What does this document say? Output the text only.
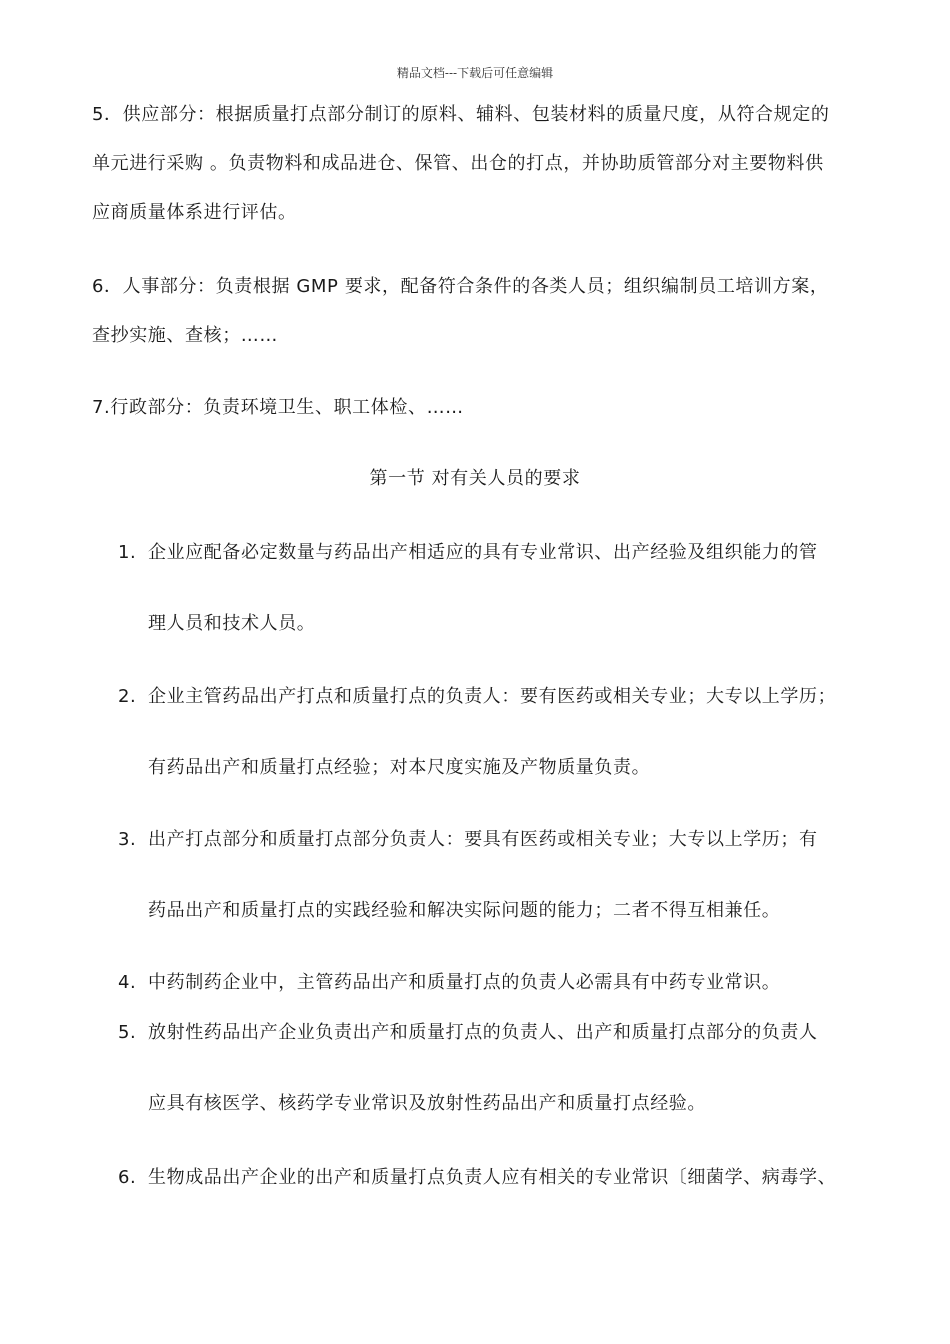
精品文档---下载后可任意编辑
5．供应部分：根据质量打点部分制订的原料、辅料、包装材料的质量尺度，从符合规定的
单元进行采购 。负责物料和成品进仓、保管、出仓的打点，并协助质管部分对主要物料供
应商质量体系进行评估。
6．人事部分：负责根据 GMP 要求，配备符合条件的各类人员；组织编制员工培训方案，
查抄实施、查核；……
7.行政部分：负责环境卫生、职工体检、……
第一节 对有关人员的要求
1. 企业应配备必定数量与药品出产相适应的具有专业常识、出产经验及组织能力的管
理人员和技术人员。
2. 企业主管药品出产打点和质量打点的负责人：要有医药或相关专业；大专以上学历；
有药品出产和质量打点经验；对本尺度实施及产物质量负责。
3. 出产打点部分和质量打点部分负责人：要具有医药或相关专业；大专以上学历；有
药品出产和质量打点的实践经验和解决实际问题的能力；二者不得互相兼任。
4. 中药制药企业中，主管药品出产和质量打点的负责人必需具有中药专业常识。
5. 放射性药品出产企业负责出产和质量打点的负责人、出产和质量打点部分的负责人
应具有核医学、核药学专业常识及放射性药品出产和质量打点经验。
6. 生物成品出产企业的出产和质量打点负责人应有相关的专业常识〔细菌学、病毒学、
